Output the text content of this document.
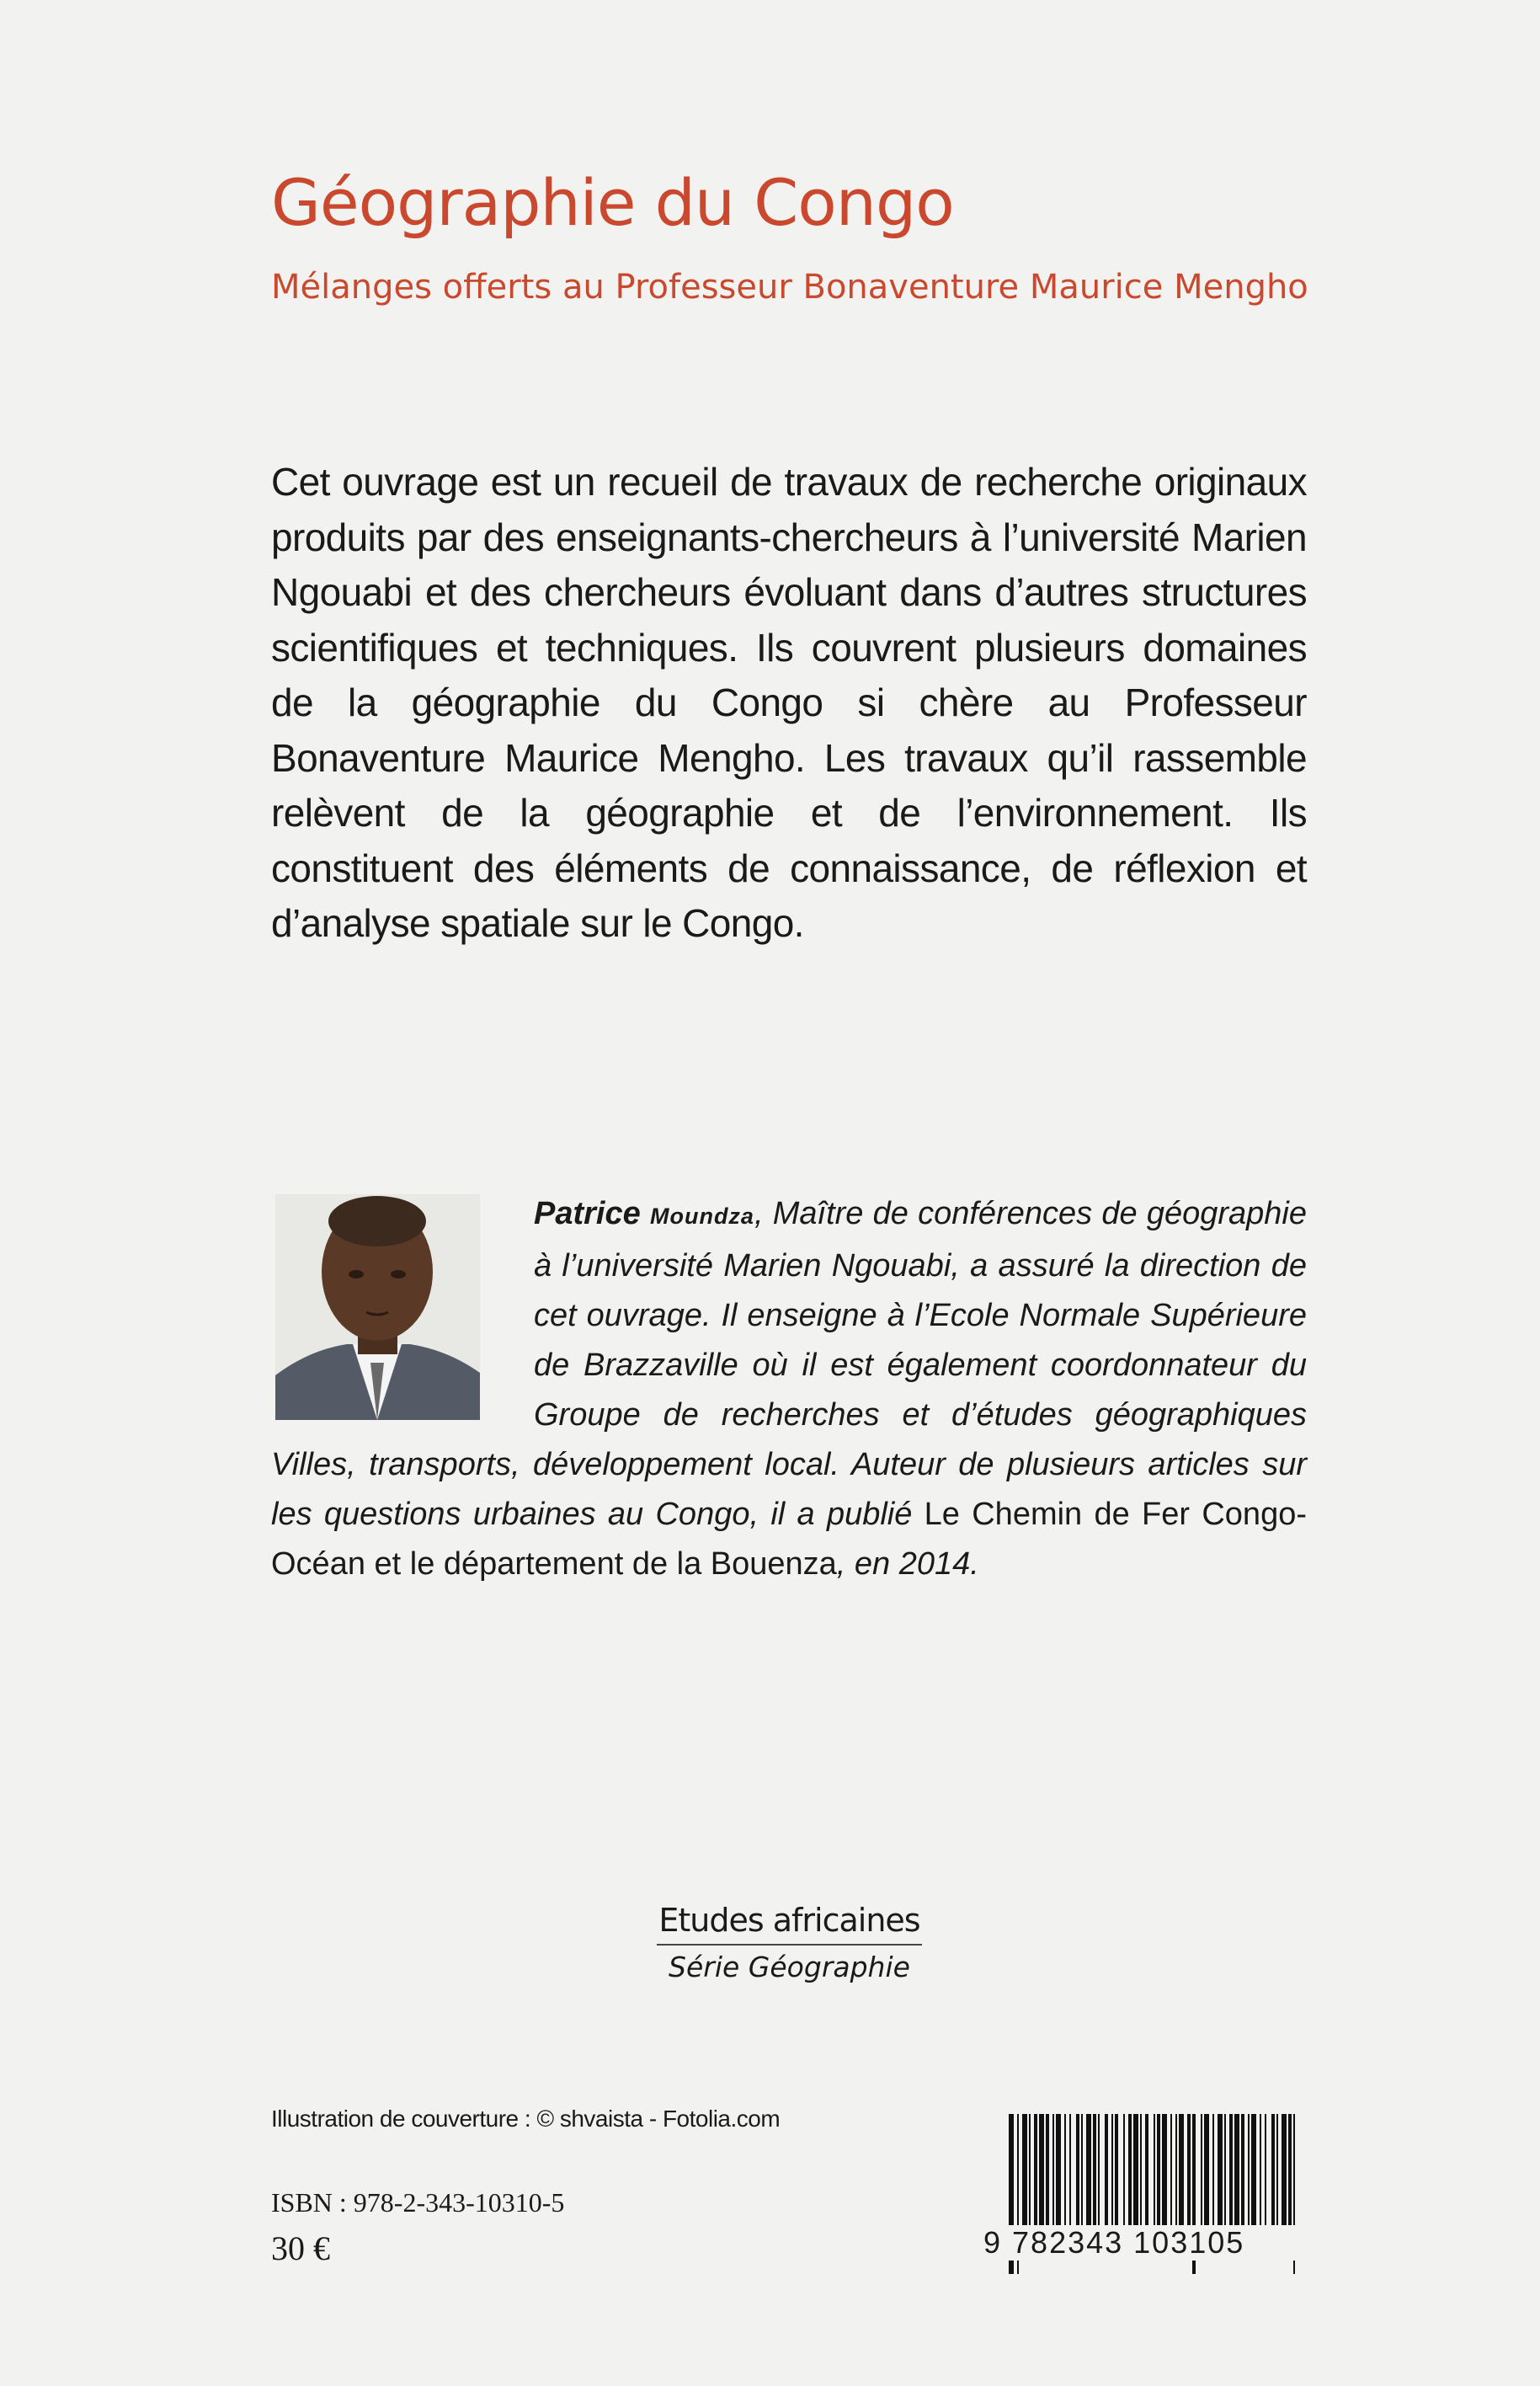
Géographie du Congo
Mélanges offerts au Professeur Bonaventure Maurice Mengho
Cet ouvrage est un recueil de travaux de recherche originaux produits par des enseignants-chercheurs à l’université Marien Ngouabi et des chercheurs évoluant dans d’autres structures scientifiques et techniques. Ils couvrent plusieurs domaines de la géographie du Congo si chère au Professeur Bonaventure Maurice Mengho. Les travaux qu’il rassemble relèvent de la géographie et de l’environnement. Ils constituent des éléments de connaissance, de réflexion et d’analyse spatiale sur le Congo.
Patrice Moundza, Maître de conférences de géographie à l’université Marien Ngouabi, a assuré la direction de cet ouvrage. Il enseigne à l’Ecole Normale Supérieure de Brazzaville où il est également coordonnateur du Groupe de recherches et d’études géographiques Villes, transports, développement local. Auteur de plusieurs articles sur les questions urbaines au Congo, il a publié Le Chemin de Fer Congo-Océan et le département de la Bouenza, en 2014.
Etudes africaines
Série Géographie
Illustration de couverture : © shvaista - Fotolia.com
ISBN : 978-2-343-10310-5
30 €	9 782343 103105
